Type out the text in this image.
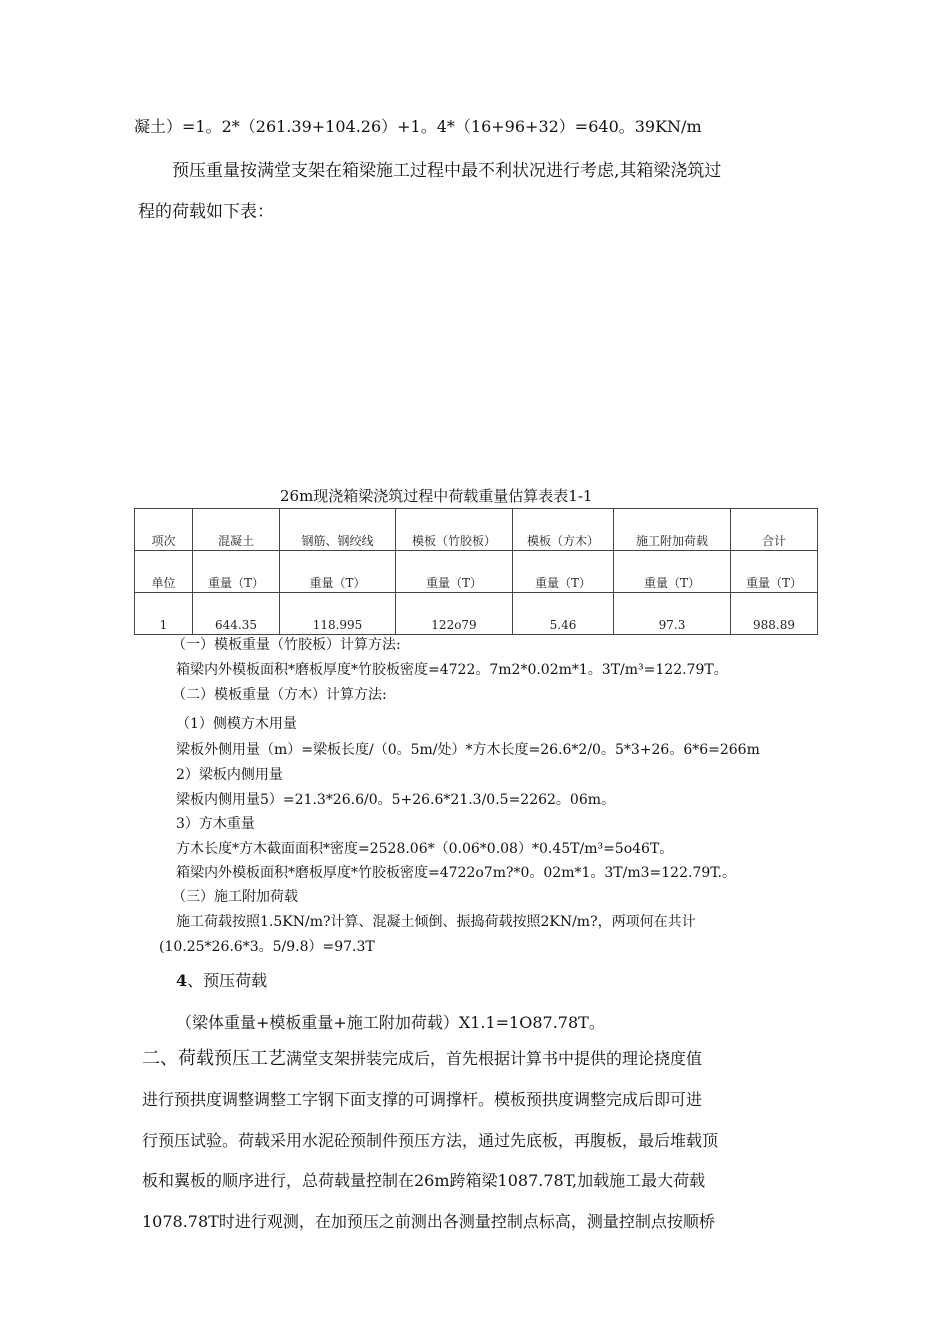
凝土）=1。2*（261.39+104.26）+1。4*（16+96+32）=640。39KN/m
预压重量按满堂支架在箱梁施工过程中最不利状况进行考虑,其箱梁浇筑过
程的荷载如下表：
26m现浇箱梁浇筑过程中荷载重量估算表表1-1
项次	混凝土	钢筋、钢绞线	模板（竹胶板）	模板（方木）	施工附加荷载	合计
单位	重量（T）	重量（T）	重量（T）	重量（T）	重量（T）	重量（T）
1	644.35	118.995	122o79	5.46	97.3	988.89
（一）模板重量（竹胶板）计算方法:
箱梁内外模板面积*磨板厚度*竹胶板密度=4722。7m2*0.02m*1。3T/m³=122.79T。
（二）模板重量（方木）计算方法:
（1）侧模方木用量
梁板外侧用量（m）=梁板长度/（0。5m/处）*方木长度=26.6*2/0。5*3+26。6*6=266m
2）梁板内侧用量
梁板内侧用量5）=21.3*26.6/0。5+26.6*21.3/0.5=2262。06m。
3）方木重量
方木长度*方木截面面积*密度=2528.06*（0.06*0.08）*0.45T/m³=5o46T。
箱梁内外模板面积*磨板厚度*竹胶板密度=4722o7m?*0。02m*1。3T/m3=122.79T.。
（三）施工附加荷载
施工荷载按照1.5KN/m?计算、混凝土倾倒、振捣荷载按照2KN/m?，两项何在共计
(10.25*26.6*3。5/9.8）=97.3T
4、预压荷载
（梁体重量+模板重量+施工附加荷载）X1.1=1O87.78T。
二、荷载预压工艺满堂支架拼装完成后，首先根据计算书中提供的理论挠度值
进行预拱度调整调整工字钢下面支撑的可调撑杆。模板预拱度调整完成后即可进
行预压试验。荷载采用水泥砼预制件预压方法，通过先底板，再腹板，最后堆载顶
板和翼板的顺序进行，总荷载量控制在26m跨箱梁1087.78T,加载施工最大荷载
1078.78T时进行观测，在加预压之前测出各测量控制点标高，测量控制点按顺桥
